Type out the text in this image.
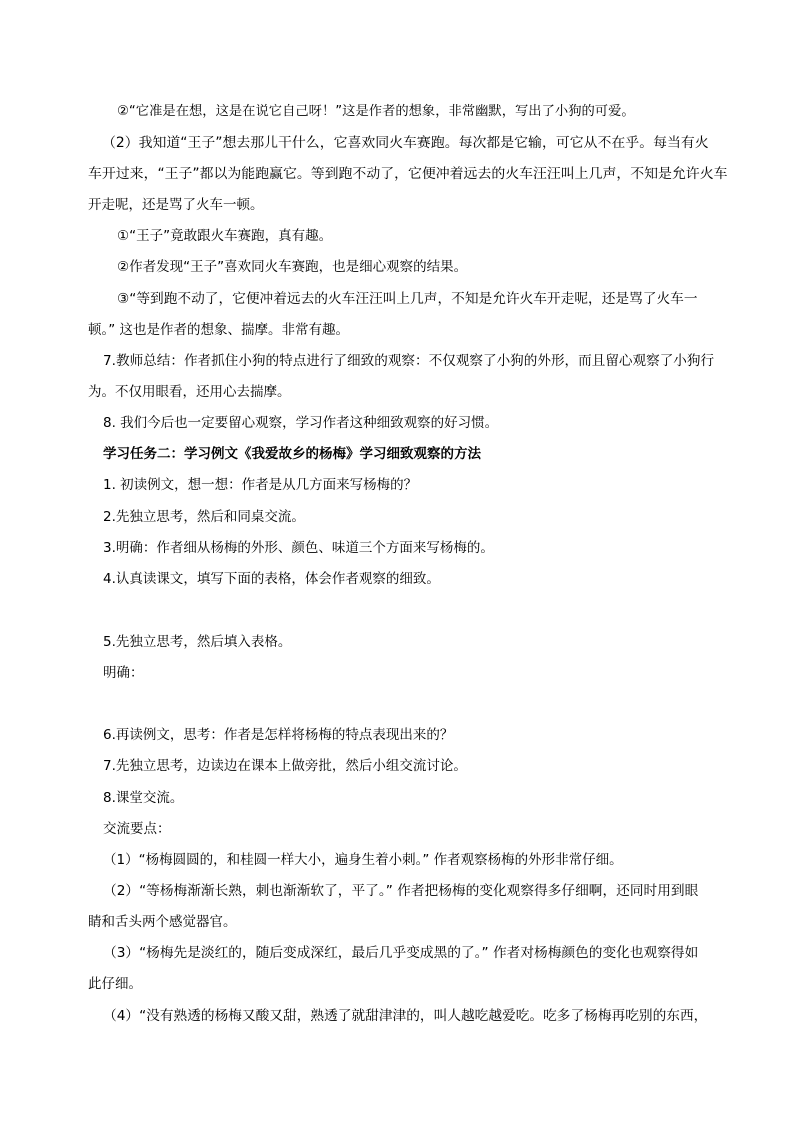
②“它准是在想，这是在说它自己呀！”这是作者的想象，非常幽默，写出了小狗的可爱。
（2）我知道“王子”想去那儿干什么，它喜欢同火车赛跑。每次都是它输，可它从不在乎。每当有火
车开过来，“王子”都以为能跑赢它。等到跑不动了，它便冲着远去的火车汪汪叫上几声，不知是允许火车
开走呢，还是骂了火车一顿。
①“王子”竟敢跟火车赛跑，真有趣。
②作者发现“王子”喜欢同火车赛跑，也是细心观察的结果。
③“等到跑不动了，它便冲着远去的火车汪汪叫上几声，不知是允许火车开走呢，还是骂了火车一
顿。” 这也是作者的想象、揣摩。非常有趣。
7.教师总结：作者抓住小狗的特点进行了细致的观察：不仅观察了小狗的外形，而且留心观察了小狗行
为。不仅用眼看，还用心去揣摩。
8. 我们今后也一定要留心观察，学习作者这种细致观察的好习惯。
学习任务二：学习例文《我爱故乡的杨梅》学习细致观察的方法
1. 初读例文，想一想：作者是从几方面来写杨梅的？
2.先独立思考，然后和同桌交流。
3.明确：作者细从杨梅的外形、颜色、味道三个方面来写杨梅的。
4.认真读课文，填写下面的表格，体会作者观察的细致。
5.先独立思考，然后填入表格。
明确：
6.再读例文，思考：作者是怎样将杨梅的特点表现出来的？
7.先独立思考，边读边在课本上做旁批，然后小组交流讨论。
8.课堂交流。
交流要点：
（1）“杨梅圆圆的，和桂圆一样大小，遍身生着小刺。” 作者观察杨梅的外形非常仔细。
（2）“等杨梅渐渐长熟，刺也渐渐软了，平了。” 作者把杨梅的变化观察得多仔细啊，还同时用到眼
睛和舌头两个感觉器官。
（3）“杨梅先是淡红的，随后变成深红，最后几乎变成黑的了。” 作者对杨梅颜色的变化也观察得如
此仔细。
（4）“没有熟透的杨梅又酸又甜，熟透了就甜津津的，叫人越吃越爱吃。吃多了杨梅再吃别的东西，
